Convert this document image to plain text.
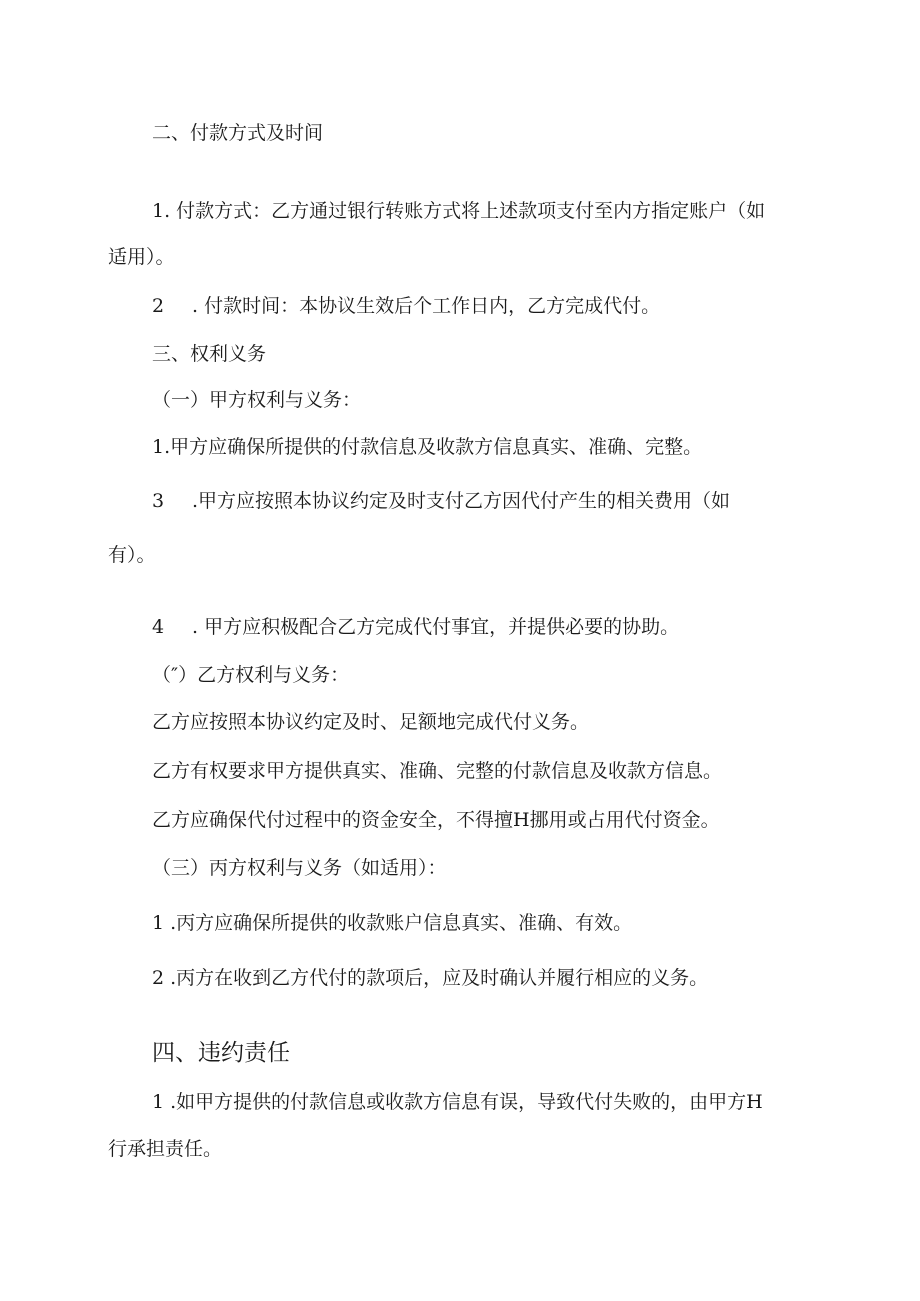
二、付款方式及时间

1. 付款方式：乙方通过银行转账方式将上述款项支付至内方指定账户（如

适用）。

2 . 付款时间：本协议生效后个工作日内，乙方完成代付。

三、权利义务

（一）甲方权利与义务：

1.甲方应确保所提供的付款信息及收款方信息真实、准确、完整。

3 .甲方应按照本协议约定及时支付乙方因代付产生的相关费用（如

有）。

4 . 甲方应积极配合乙方完成代付事宜，并提供必要的协助。

（″）乙方权利与义务：

乙方应按照本协议约定及时、足额地完成代付义务。

乙方有权要求甲方提供真实、准确、完整的付款信息及收款方信息。

乙方应确保代付过程中的资金安全，不得擅H挪用或占用代付资金。

（三）丙方权利与义务（如适用）：

1 .丙方应确保所提供的收款账户信息真实、准确、有效。

2 .丙方在收到乙方代付的款项后，应及时确认并履行相应的义务。

四、违约责任

1 .如甲方提供的付款信息或收款方信息有误，导致代付失败的，由甲方H

行承担责任。
